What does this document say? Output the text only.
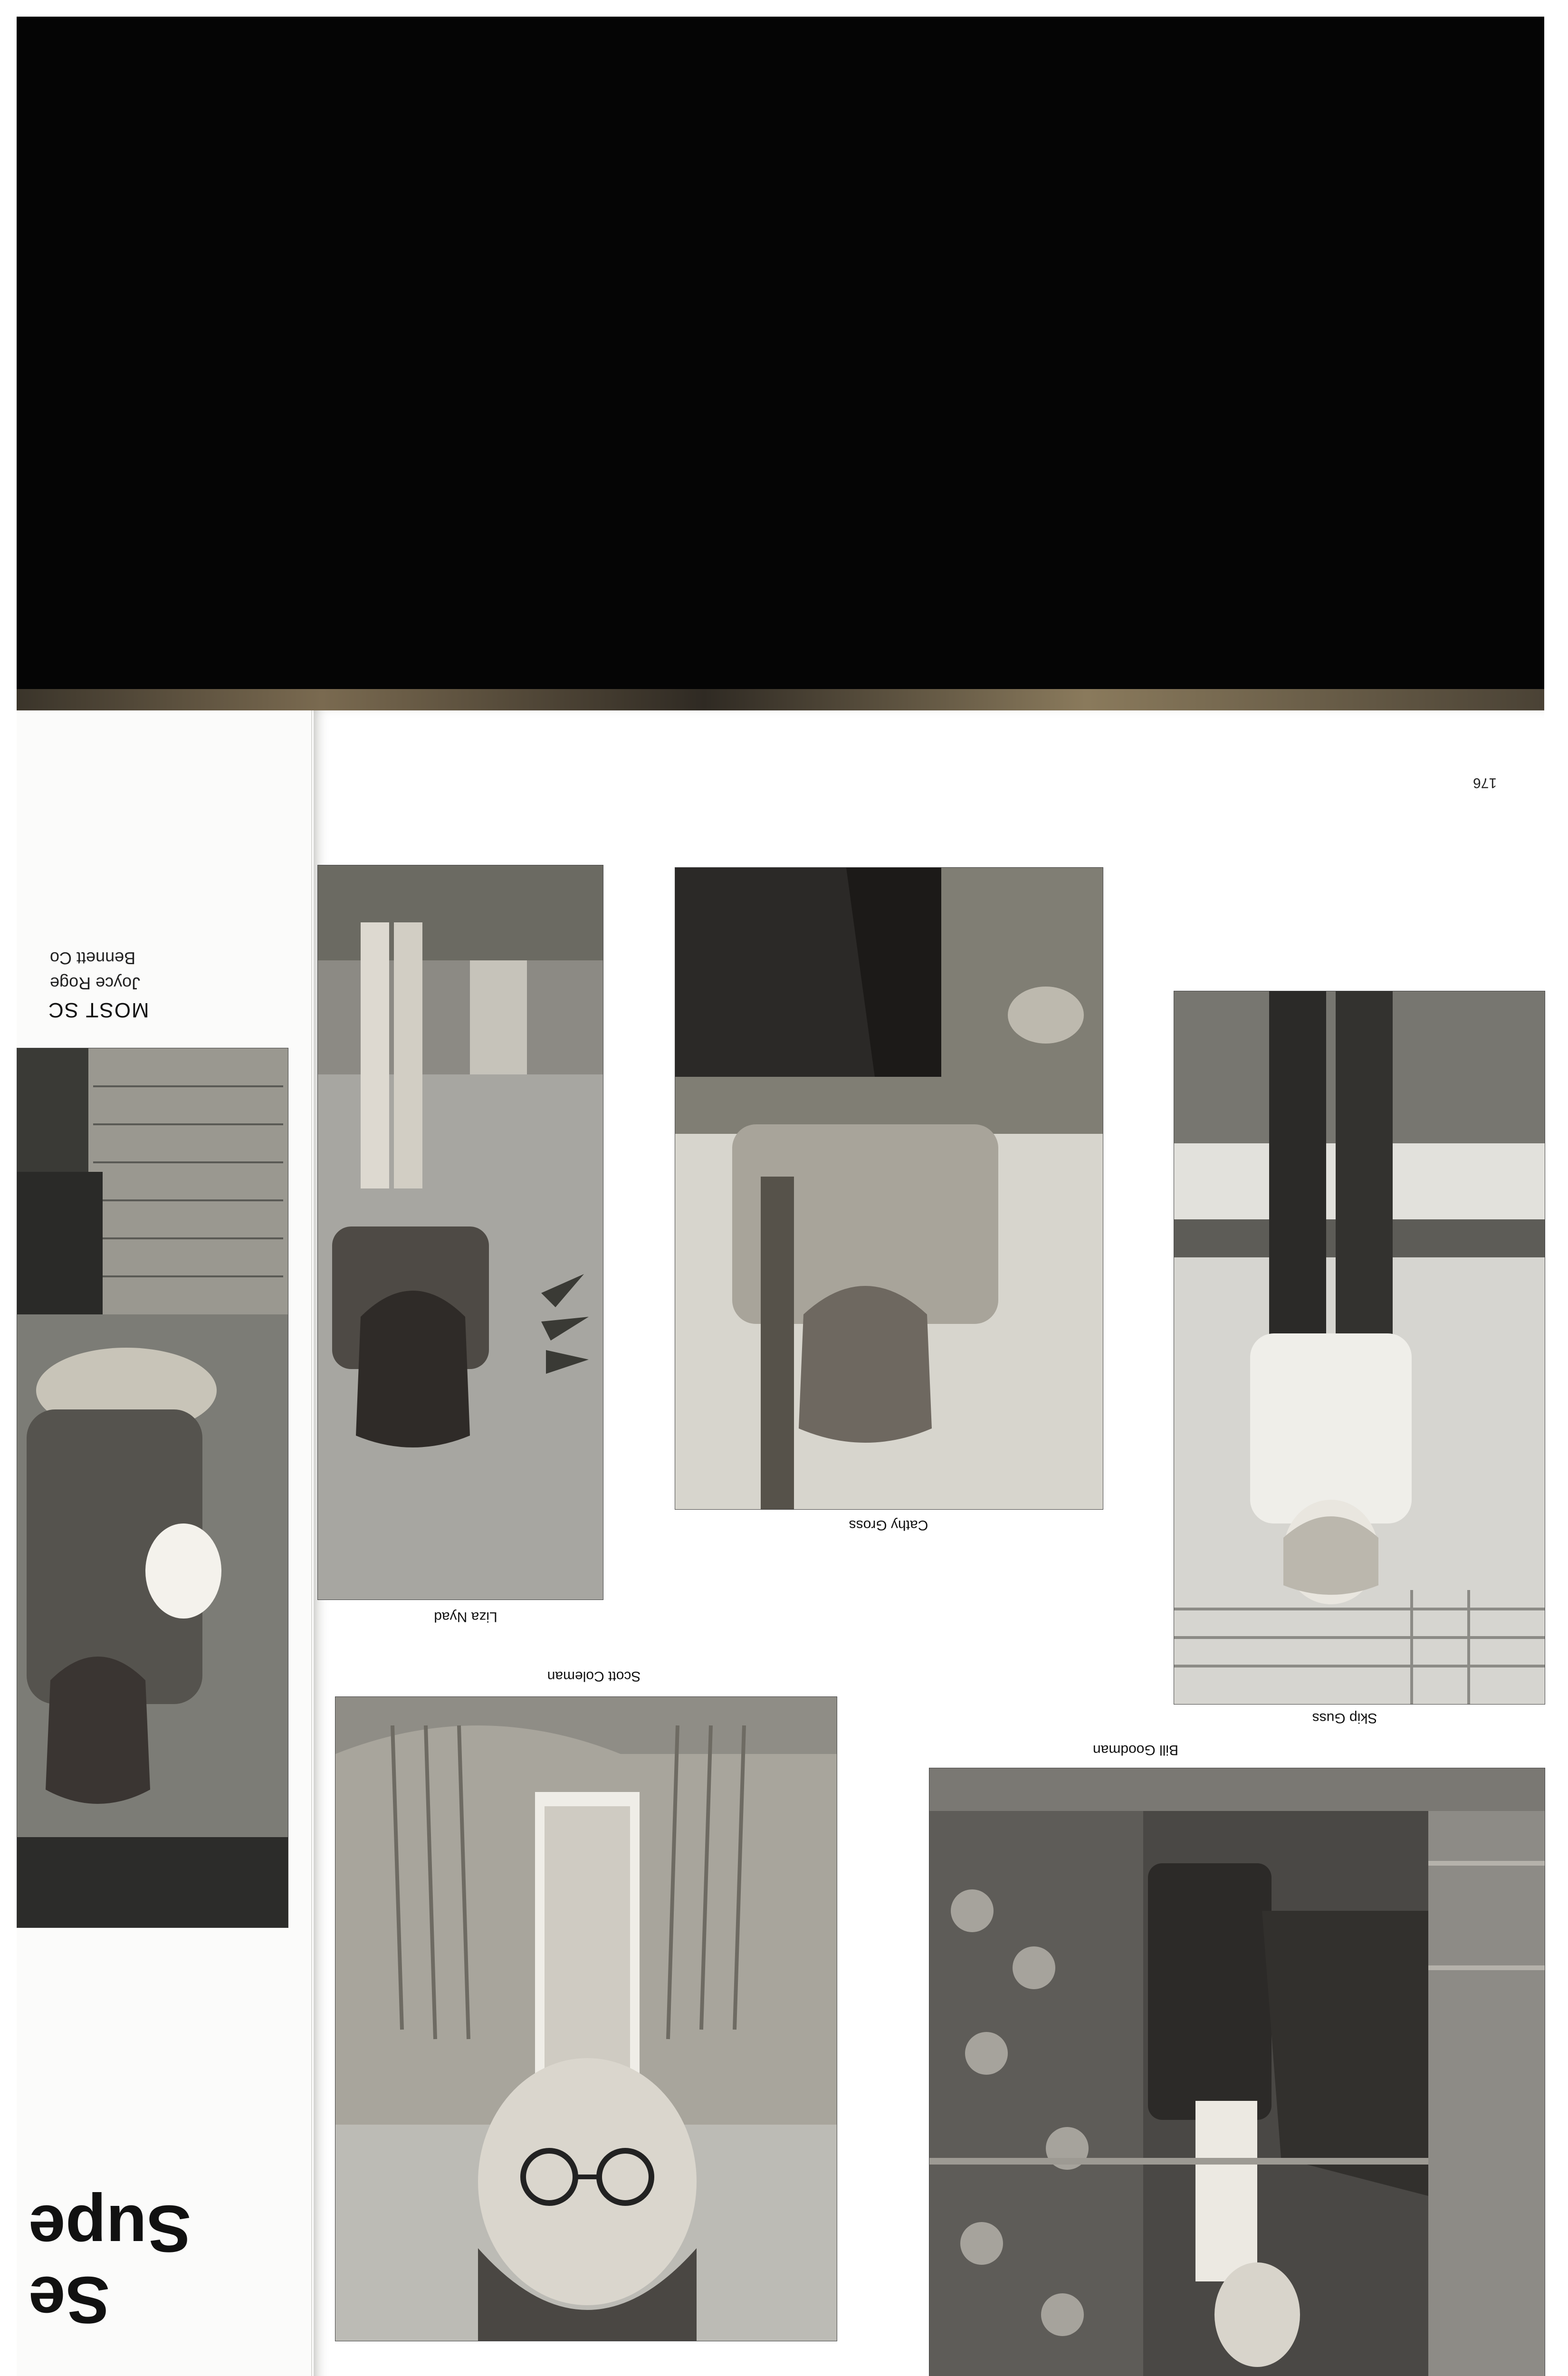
176
MOST SC
Joyce Roge
Bennett Co
Supe
Se
Liza Nyad
Cathy Gross
Skip Guss
Scott Coleman
Bill Goodman
